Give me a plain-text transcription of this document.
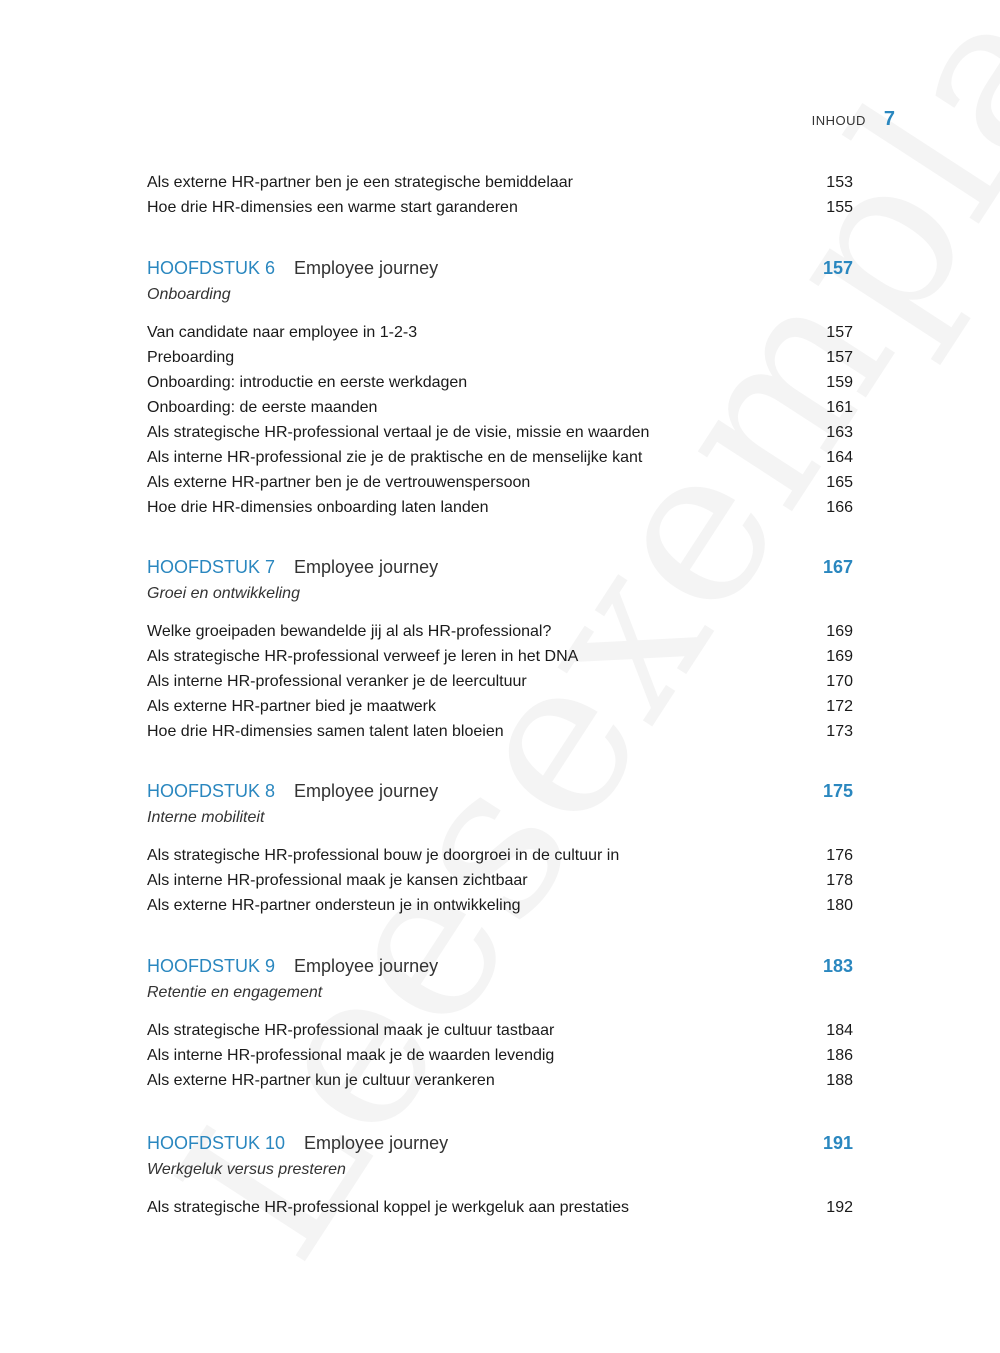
INHOUD 7
Als externe HR-partner ben je een strategische bemiddelaar	153
Hoe drie HR-dimensies een warme start garanderen	155
HOOFDSTUK 6 Employee journey	157
Onboarding
Van candidate naar employee in 1-2-3	157
Preboarding	157
Onboarding: introductie en eerste werkdagen	159
Onboarding: de eerste maanden	161
Als strategische HR-professional vertaal je de visie, missie en waarden	163
Als interne HR-professional zie je de praktische en de menselijke kant	164
Als externe HR-partner ben je de vertrouwenspersoon	165
Hoe drie HR-dimensies onboarding laten landen	166
HOOFDSTUK 7 Employee journey	167
Groei en ontwikkeling
Welke groeipaden bewandelde jij al als HR-professional?	169
Als strategische HR-professional verweef je leren in het DNA	169
Als interne HR-professional veranker je de leercultuur	170
Als externe HR-partner bied je maatwerk	172
Hoe drie HR-dimensies samen talent laten bloeien	173
HOOFDSTUK 8 Employee journey	175
Interne mobiliteit
Als strategische HR-professional bouw je doorgroei in de cultuur in	176
Als interne HR-professional maak je kansen zichtbaar	178
Als externe HR-partner ondersteun je in ontwikkeling	180
HOOFDSTUK 9 Employee journey	183
Retentie en engagement
Als strategische HR-professional maak je cultuur tastbaar	184
Als interne HR-professional maak je de waarden levendig	186
Als externe HR-partner kun je cultuur verankeren	188
HOOFDSTUK 10 Employee journey	191
Werkgeluk versus presteren
Als strategische HR-professional koppel je werkgeluk aan prestaties	192
